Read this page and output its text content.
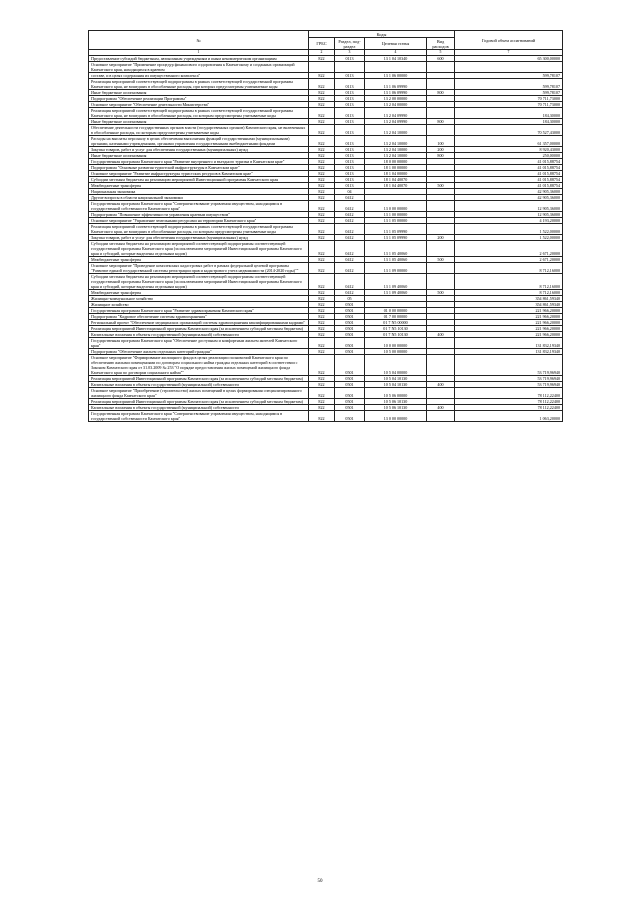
№	Коды				Годовой объем ассигнований
	ГРБС	Раздел, под-раздел	Целевая статья	Вид расходов	
1	2	3	4	5	7
Предоставление субсидий бюджетным, автономным учреждениям и иным некоммерческим организациям	822	0113	13 1 04 10340	600	65 300,00000
Основное мероприятие "Применение процедур финансового оздоровления к Камчатскому и созданных организаций Камчатского края, находящихся в краевом					
составе, и в целях содержания их имущественного комплекса"	822	0113	13 1 06 00000		599,78107
Реализация мероприятий соответствующей подпрограммы в рамках соответствующей государственной программы Камчатского края, не вошедших в обособленные расходы, при которых предусмотрены учитываемые коды	822	0113	13 1 06 09990		599,78107
Иные бюджетные ассигнования	822	0113	13 1 06 09990	800	599,78107
Подпрограмма "Обеспечение реализации Программы"	822	0113	13 2 00 00000		70 711,73000
Основное мероприятие "Обеспечение деятельности Министерства"	822	0113	13 2 04 00000		70 711,73000
Реализация мероприятий соответствующей подпрограммы в рамках соответствующей государственной программы Камчатского края, не вошедших в обособленные расходы, по которым предусмотрены учитываемые коды	822	0113	13 2 04 09990		184,30000
Иные бюджетные ассигнования	822	0113	13 2 04 09990	800	184,30000
Обеспечение деятельности государственных органов власти (государственных органов) Камчатского края, не включенных в обособленные расходы, по которым предусмотрены учитываемые коды	822	0113	13 2 04 10000		70 527,43000
Расходы на выплаты персоналу в целях обеспечения выполнения функций государственными (муниципальными) органами, казенными учреждениями, органами управления государственными внебюджетными фондами	822	0113	13 2 04 10000	100	61 357,00000
Закупка товаров, работ и услуг для обеспечения государственных (муниципальных) нужд	822	0113	13 2 04 10000	200	8 920,43000
Иные бюджетные ассигнования	822	0113	13 2 04 10000	800	250,00000
Государственная программа Камчатского края "Развитие внутреннего и въездного туризма в Камчатском крае"	822	0113	18 0 00 00000		41 015,88754
Подпрограмма "Основные развития туристской инфраструктуры в Камчатском крае"	822	0113	18 1 00 00000		41 015,88754
Основное мероприятие "Развитие инфраструктуры туристских ресурсов в Камчатском крае"	822	0113	18 1 04 00000		41 015,88754
Субсидии местным бюджетам на реализацию мероприятий Инвестиционной программы Камчатского края	822	0113	18 1 04 40070		41 015,88754
Межбюджетные трансферты	822	0113	18 1 04 40070	500	41 015,88754
Национальная экономика	822	04			42 905,36000
Другие вопросы в области национальной экономики	822	0412			42 905,36000
Государственная программа Камчатского края "Совершенствование управления имуществом, находящимся в государственной собственности Камчатского края"	822	0412	13 0 00 00000		12 905,36000
Подпрограмма "Повышение эффективности управления краевым имуществом"	822	0412	13 1 00 00000		12 905,36000
Основное мероприятие "Управление земельными ресурсами на территории Камчатского края"	822	0412	13 1 05 00000		4 193,20000
Реализация мероприятий соответствующей подпрограммы в рамках соответствующей государственной программы Камчатского края, не вошедших в обособленные расходы, по которым предусмотрены учитываемые коды	822	0412	13 1 05 09990		1 522,00000
Закупка товаров, работ и услуг для обеспечения государственных (муниципальных) нужд	822	0412	13 1 05 09990	200	1 522,00000
Субсидии местным бюджетам на реализацию мероприятий соответствующей подпрограммы соответствующей государственной программы Камчатского края (за исключением мероприятий Инвестиционной программы Камчатского края и субсидий, которые выделены отдельным кодом)	822	0412	13 1 05 40060		2 671,20000
Межбюджетные трансферты	822	0412	13 1 05 40060	500	2 671,20000
Основное мероприятие "Проведение комплексных кадастровых работ в рамках федеральной целевой программы "Развитие единой государственной системы регистрации прав и кадастрового учета недвижимости (2014-2020 годы)""	822	0412	13 1 09 00000		8 712,16000
Субсидии местным бюджетам на реализацию мероприятий соответствующей подпрограммы соответствующей государственной программы Камчатского края (за исключением мероприятий Инвестиционной программы Камчатского края и субсидий, которые выделены отдельным кодом)	822	0412	13 1 09 40060		8 712,16000
Межбюджетные трансферты	822	0412	13 1 09 40060	500	8 712,16000
Жилищно-коммунальное хозяйство	822	05			354 861,59340
Жилищное хозяйство	822	0501			354 861,59340
Государственная программа Камчатского края "Развитие здравоохранения Камчатского края"	822	0501	01 0 00 00000		221 966,20000
Подпрограмма "Кадровое обеспечение системы здравоохранения"	822	0501	01 7 00 00000		221 966,20000
Региональный проект "Обеспечение медицинских организаций системы здравоохранения квалифицированными кадрами"	822	0501	01 7 N5 00000		221 966,20000
Реализация мероприятий Инвестиционной программы Камчатского края (за исключением субсидий местным бюджетам)	822	0501	01 7 N5 10130		221 966,20000
Капитальные вложения в объекты государственной (муниципальной) собственности	822	0501	01 7 N5 10130	400	221 966,20000
Государственная программа Камчатского края "Обеспечение доступным и комфортным жильем жителей Камчатского края"	822	0501	10 0 00 00000		131 832,19340
Подпрограмма "Обеспечение жильем отдельных категорий граждан"	822	0501	10 5 00 00000		131 832,19340
Основное мероприятие "Формирование жилищного фонда в целях реализации полномочий Камчатского края по обеспечению жилыми помещениями по договорам социального найма граждан отдельных категорий в соответствии с Законом Камчатского края от 31.03.2009 № 253 "О порядке предоставления жилых помещений жилищного фонда Камчатского края по договорам социального найма""	822	0501	10 5 04 00000		53 719,96940
Реализация мероприятий Инвестиционной программы Камчатского края (за исключением субсидий местным бюджетам)	822	0501	10 5 04 10130		53 719,96940
Капитальные вложения в объекты государственной (муниципальной) собственности	822	0501	10 5 04 10130	400	53 719,96940
Основное мероприятие "Приобретение (строительство) жилых помещений в целях формирования специализированного жилищного фонда Камчатского края"	822	0501	10 5 06 00000		78 112,22400
Реализация мероприятий Инвестиционной программы Камчатского края (за исключением субсидий местным бюджетам)	822	0501	10 5 06 10130		78 112,22400
Капитальные вложения в объекты государственной (муниципальной) собственности	822	0501	10 5 06 10130	400	78 112,22400
Государственная программа Камчатского края "Совершенствование управления имуществом, находящимся в государственной собственности Камчатского края"	822	0501	13 0 00 00000		1 063,20000
50
